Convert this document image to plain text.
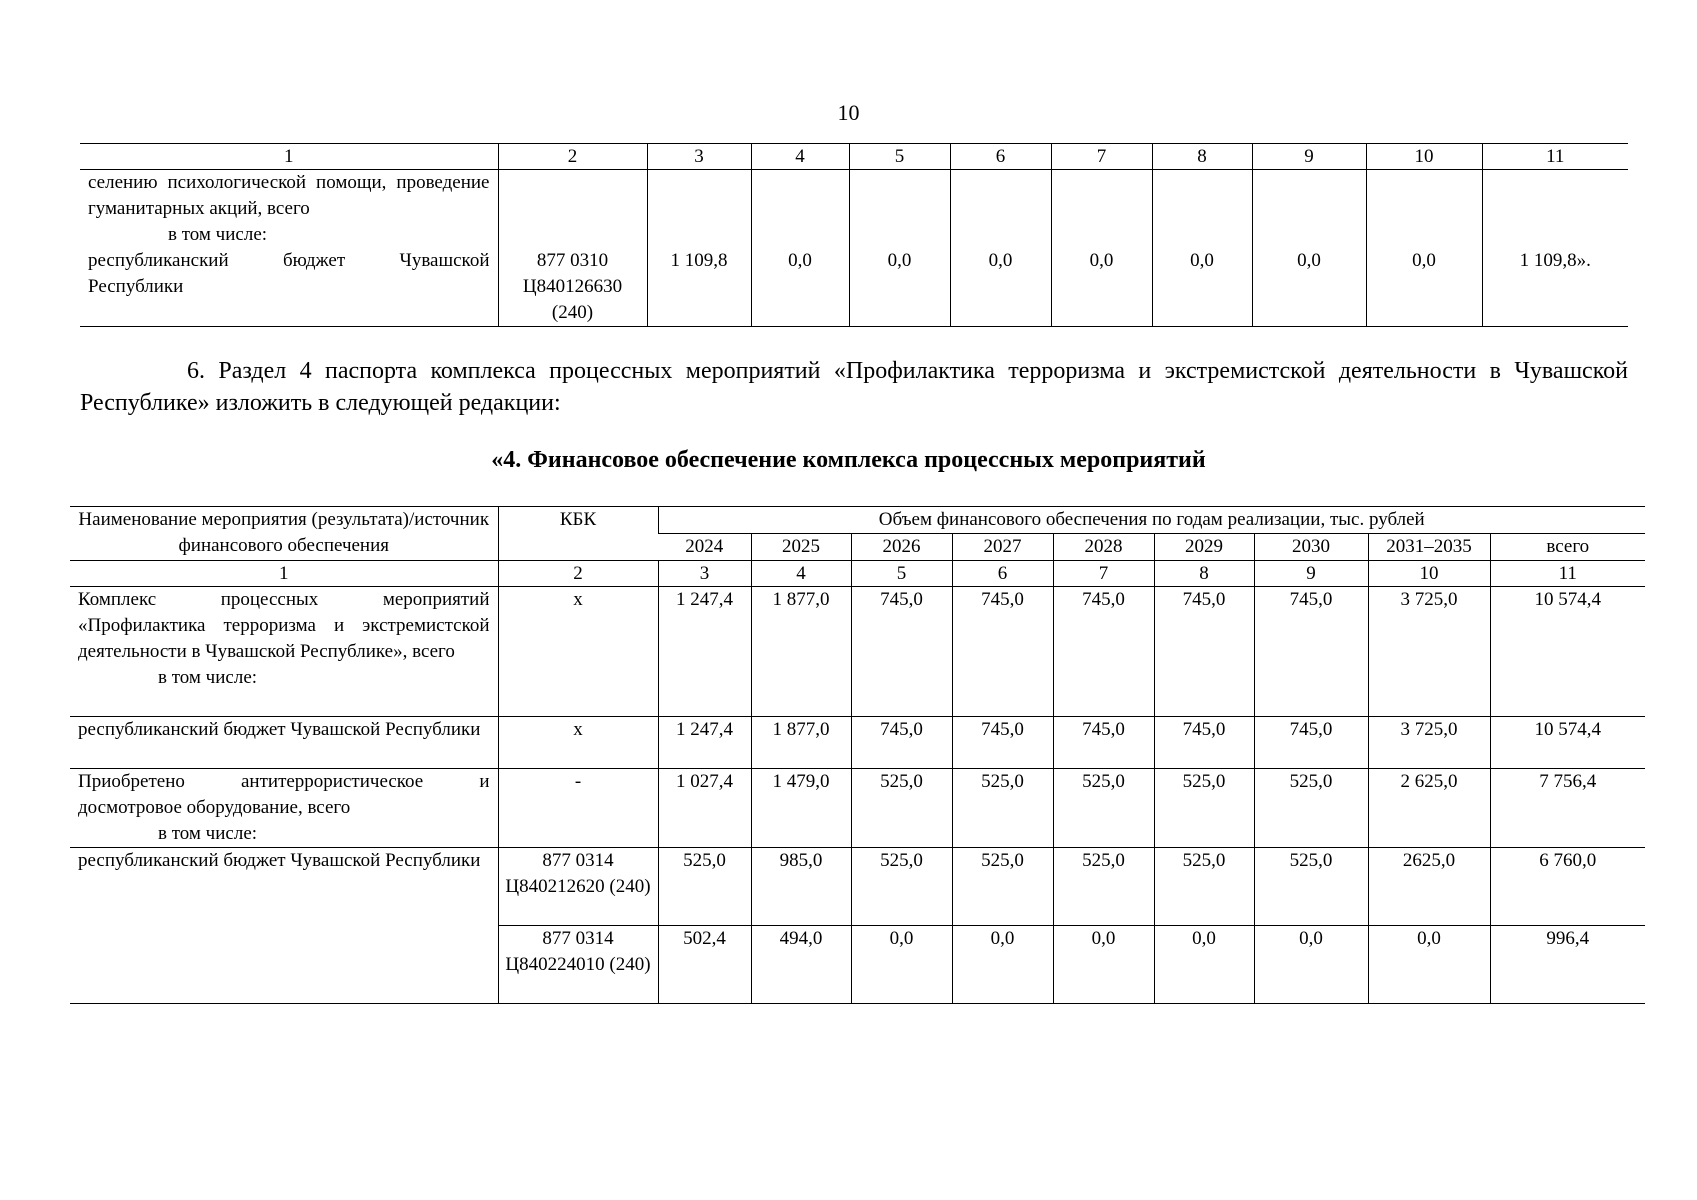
10
1	2	3	4	5	6	7	8	9	10	11
селению психологической помощи, проведение гуманитарных акций, всего
в том числе:										

республиканский бюджет Чувашской Республики	877 0310 Ц840126630 (240)	1 109,8	0,0	0,0	0,0	0,0	0,0	0,0	0,0	1 109,8».
6. Раздел 4 паспорта комплекса процессных мероприятий «Профилактика терроризма и экстремистской деятельности в Чувашской Республике» изложить в следующей редакции:
«4. Финансовое обеспечение комплекса процессных мероприятий
Наименование мероприятия (результата)/источник финансового обеспечения	КБК	Объем финансового обеспечения по годам реализации, тыс. рублей								
		2024	2025	2026	2027	2028	2029	2030	2031–2035	всего
1	2	3	4	5	6	7	8	9	10	11
Комплекс процессных мероприятий «Профилактика терроризма и экстремистской деятельности в Чувашской Республике», всего
в том числе:	х	1 247,4	1 877,0	745,0	745,0	745,0	745,0	745,0	3 725,0	10 574,4
республиканский бюджет Чувашской Республики	х	1 247,4	1 877,0	745,0	745,0	745,0	745,0	745,0	3 725,0	10 574,4
Приобретено антитеррористическое и досмотровое оборудование, всего
в том числе:	-	1 027,4	1 479,0	525,0	525,0	525,0	525,0	525,0	2 625,0	7 756,4
республиканский бюджет Чувашской Республики	877 0314 Ц840212620 (240)	525,0	985,0	525,0	525,0	525,0	525,0	525,0	2625,0	6 760,0
	877 0314 Ц840224010 (240)	502,4	494,0	0,0	0,0	0,0	0,0	0,0	0,0	996,4
